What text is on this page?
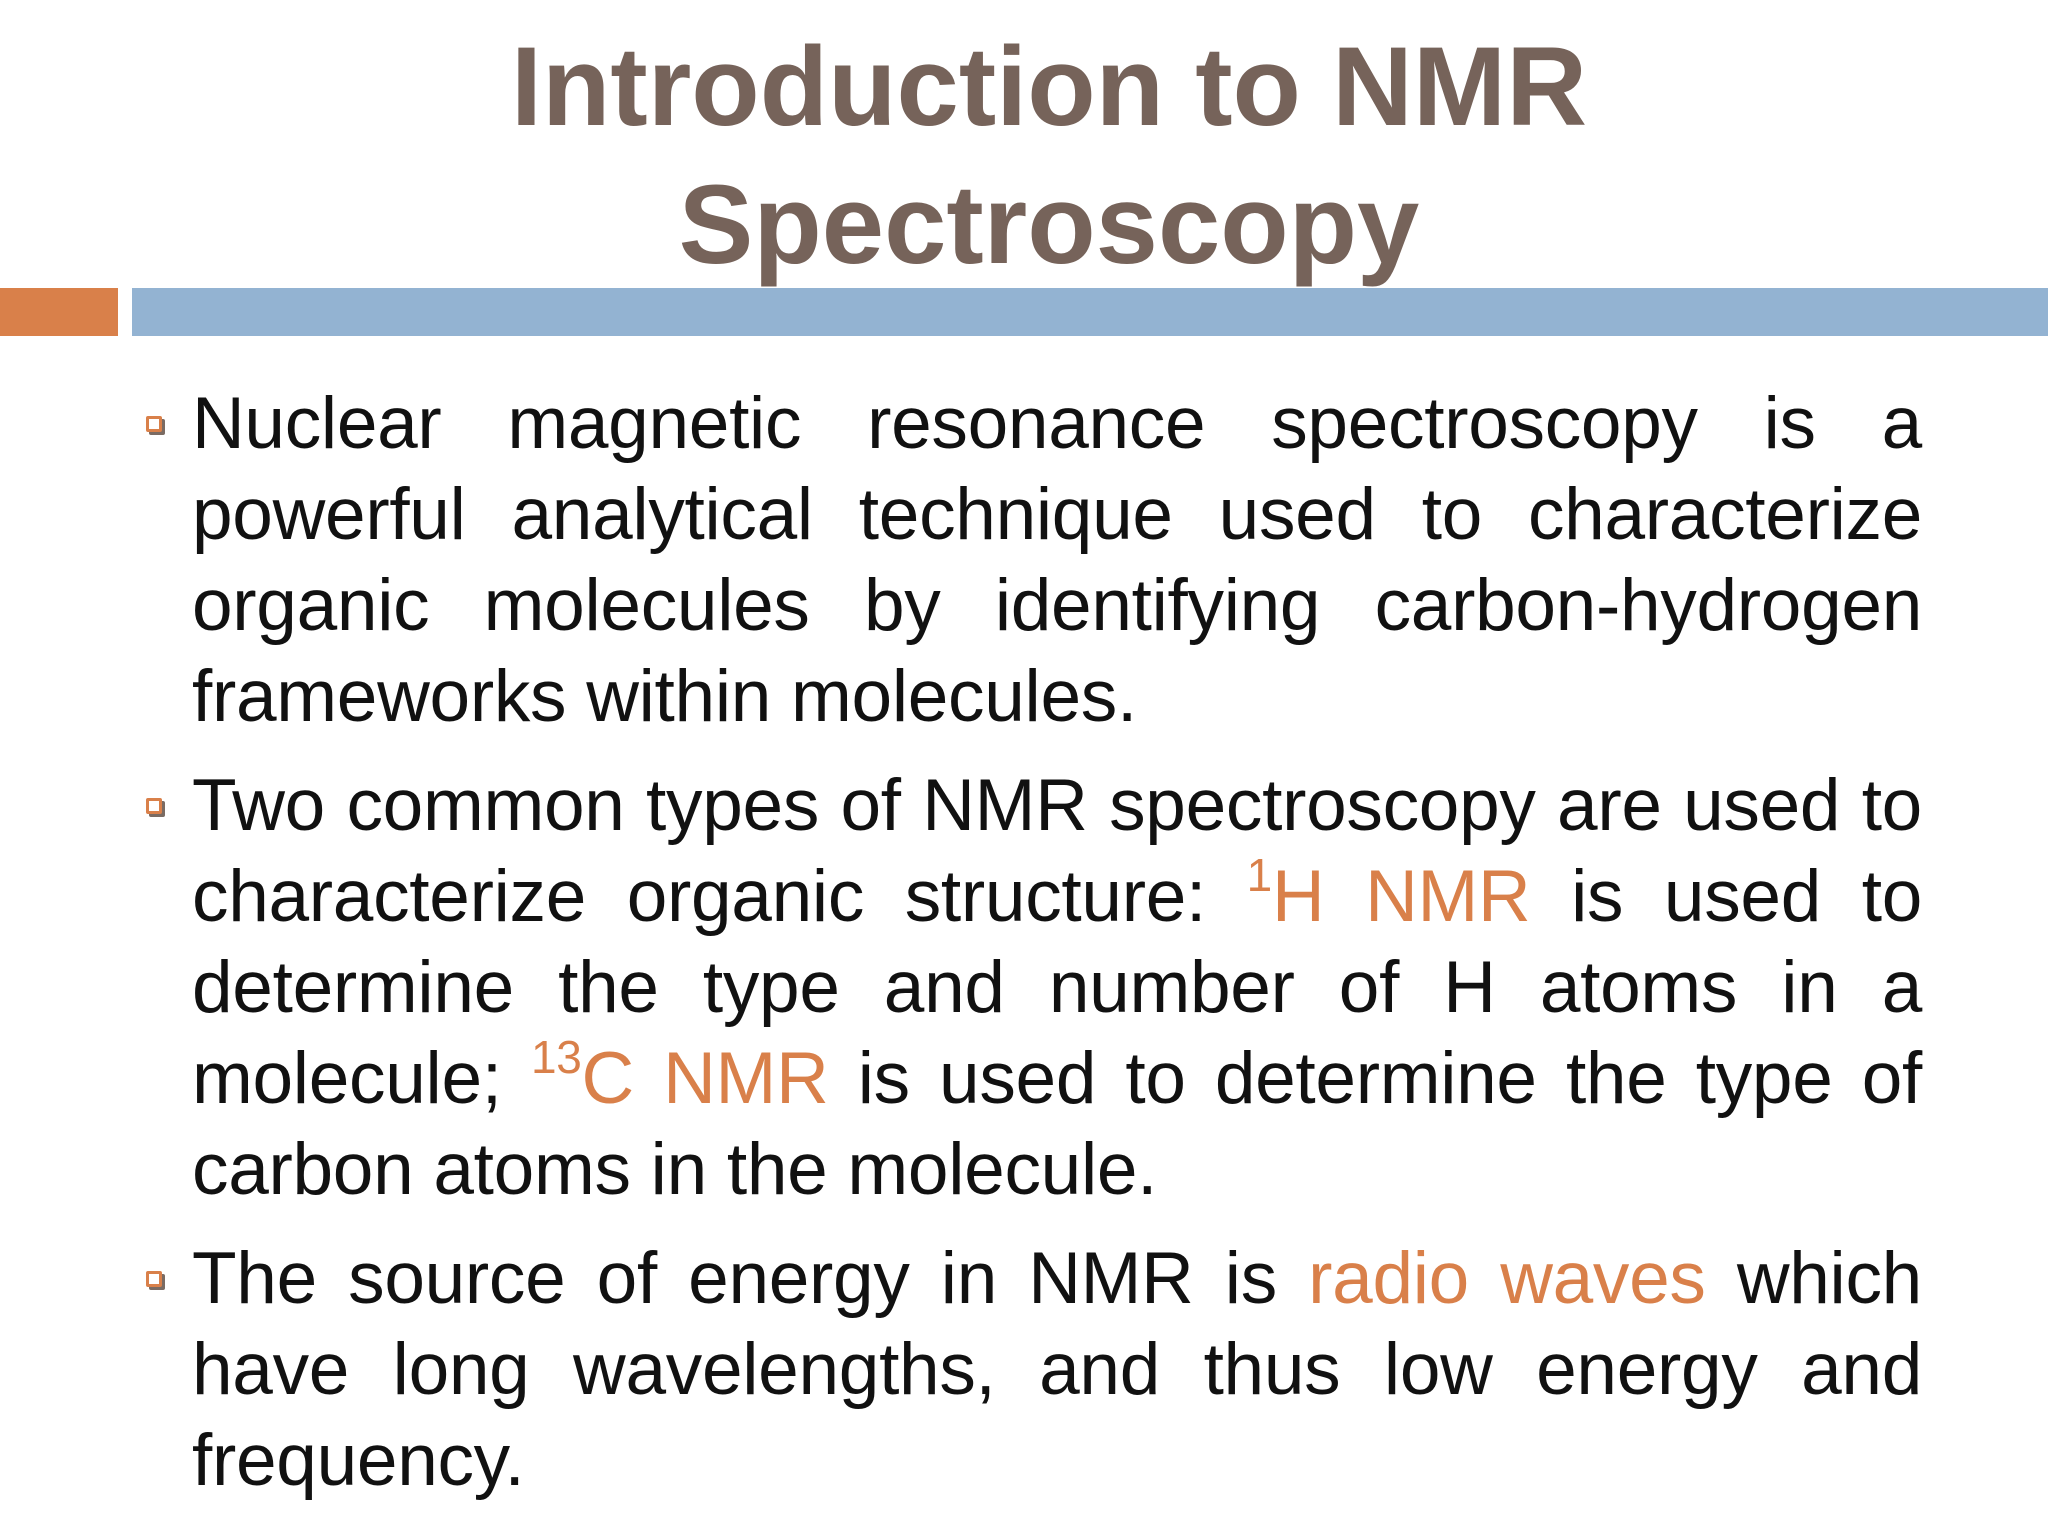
Introduction to NMR
Spectroscopy
Nuclear magnetic resonance spectroscopy is a powerful analytical technique used to characterize organic molecules by identifying carbon-hydrogen frameworks within molecules.
Two common types of NMR spectroscopy are used to characterize organic structure: $^1$H NMR is used to determine the type and number of H atoms in a molecule; $^{13}$C NMR is used to determine the type of carbon atoms in the molecule.
The source of energy in NMR is radio waves which have long wavelengths, and thus low energy and frequency.
